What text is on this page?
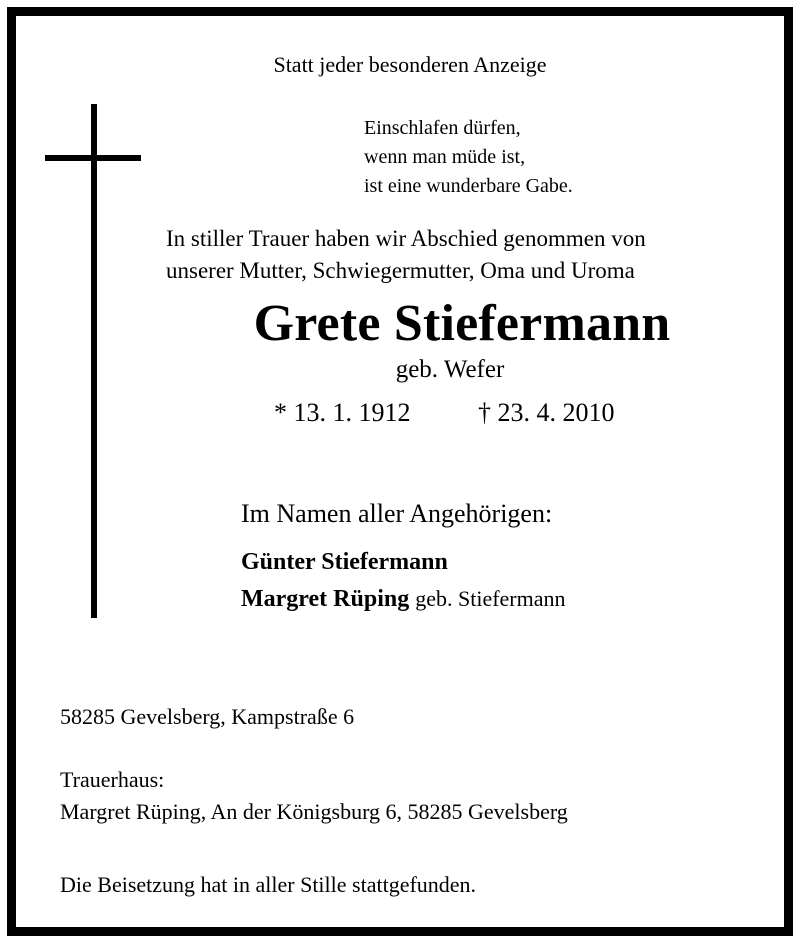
Statt jeder besonderen Anzeige
Einschlafen dürfen,
wenn man müde ist,
ist eine wunderbare Gabe.
In stiller Trauer haben wir Abschied genommen von
unserer Mutter, Schwiegermutter, Oma und Uroma
Grete Stiefermann
geb. Wefer
* 13. 1. 1912	† 23. 4. 2010
Im Namen aller Angehörigen:
Günter Stiefermann
Margret Rüping geb. Stiefermann
58285 Gevelsberg, Kampstraße 6
Trauerhaus:
Margret Rüping, An der Königsburg 6, 58285 Gevelsberg
Die Beisetzung hat in aller Stille stattgefunden.
